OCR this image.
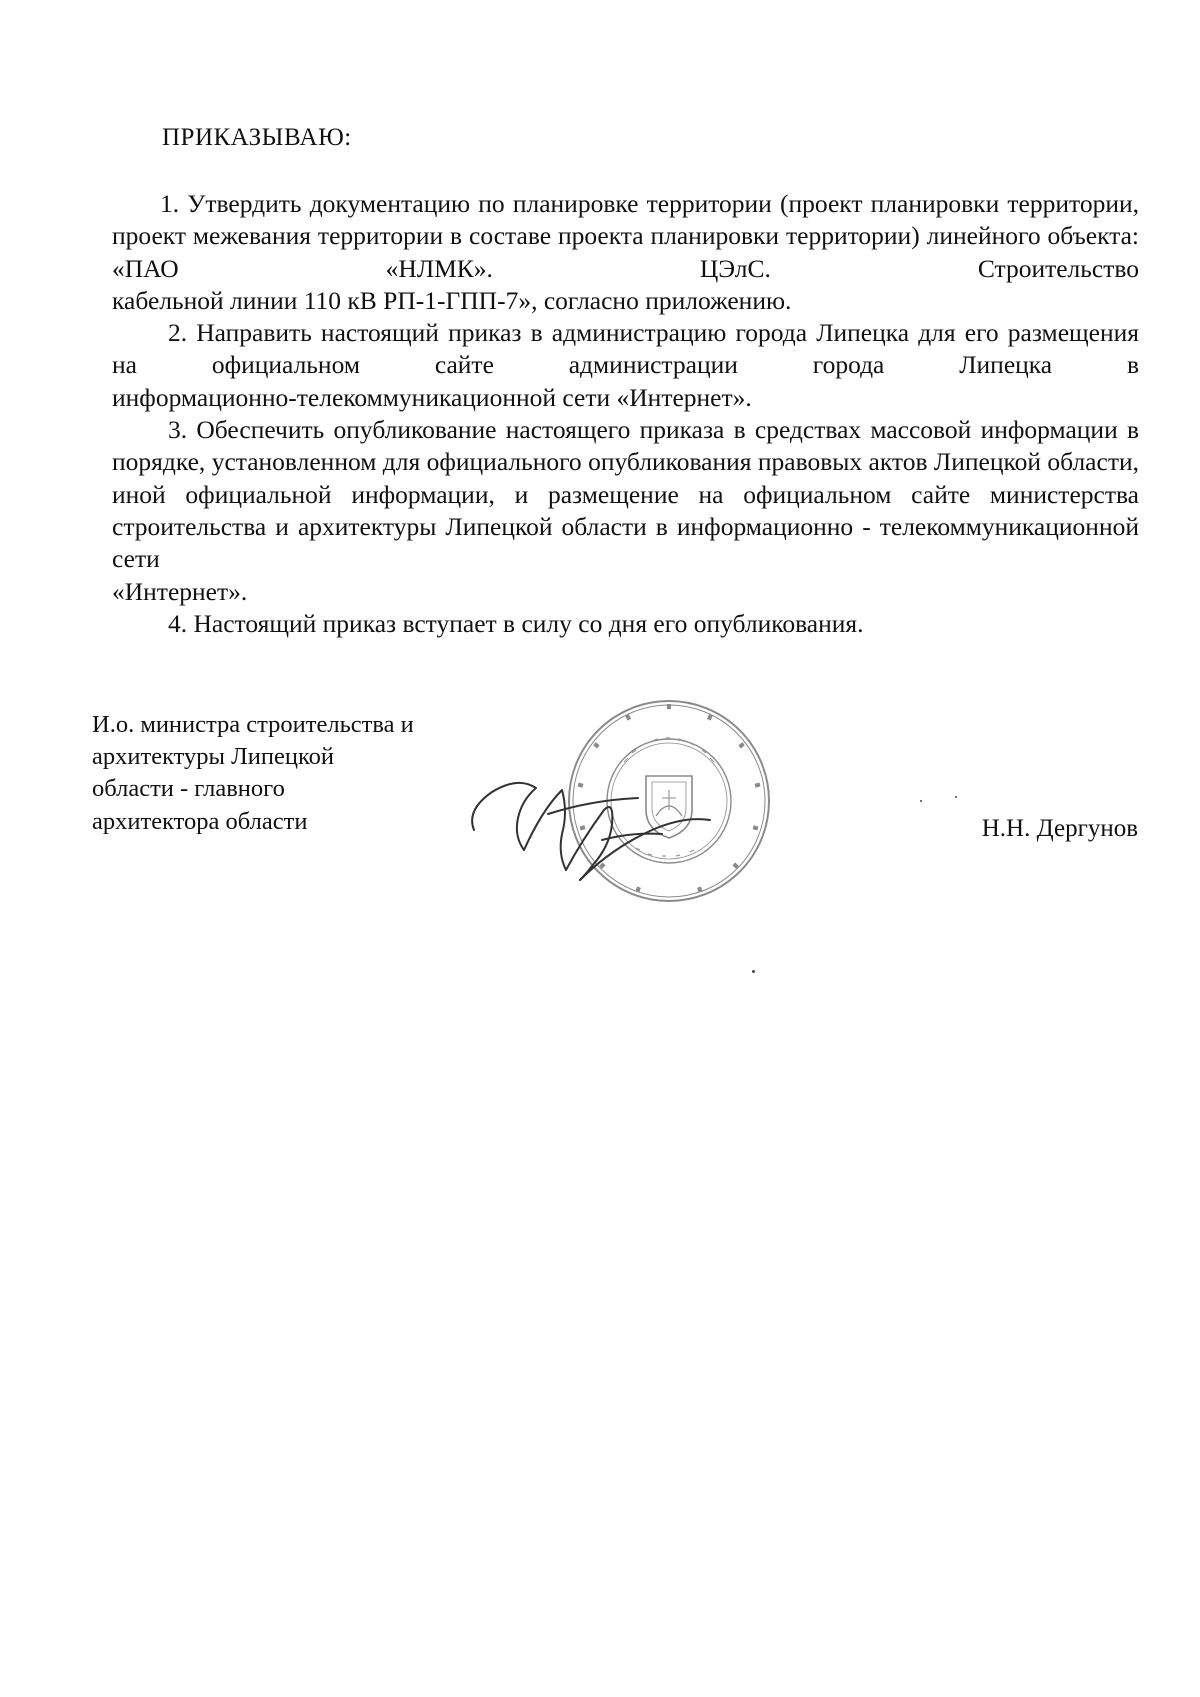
ПРИКАЗЫВАЮ:

1. Утвердить документацию по планировке территории (проект планировки территории, проект межевания территории в составе проекта планировки территории) линейного объекта: «ПАО «НЛМК». ЦЭлС. Строительство

кабельной линии 110 кВ РП-1-ГПП-7», согласно приложению.

2. Направить настоящий приказ в администрацию города Липецка для его размещения на официальном сайте администрации города Липецка в

информационно-телекоммуникационной сети «Интернет».

3. Обеспечить опубликование настоящего приказа в средствах массовой информации в порядке, установленном для официального опубликования правовых актов Липецкой области, иной официальной информации, и размещение на официальном сайте министерства строительства и архитектуры Липецкой области в информационно - телекоммуникационной сети

«Интернет».

4. Настоящий приказ вступает в силу со дня его опубликования.

И.о. министра строительства и
архитектуры Липецкой
области - главного
архитектора области	Н.Н. Дергунов
